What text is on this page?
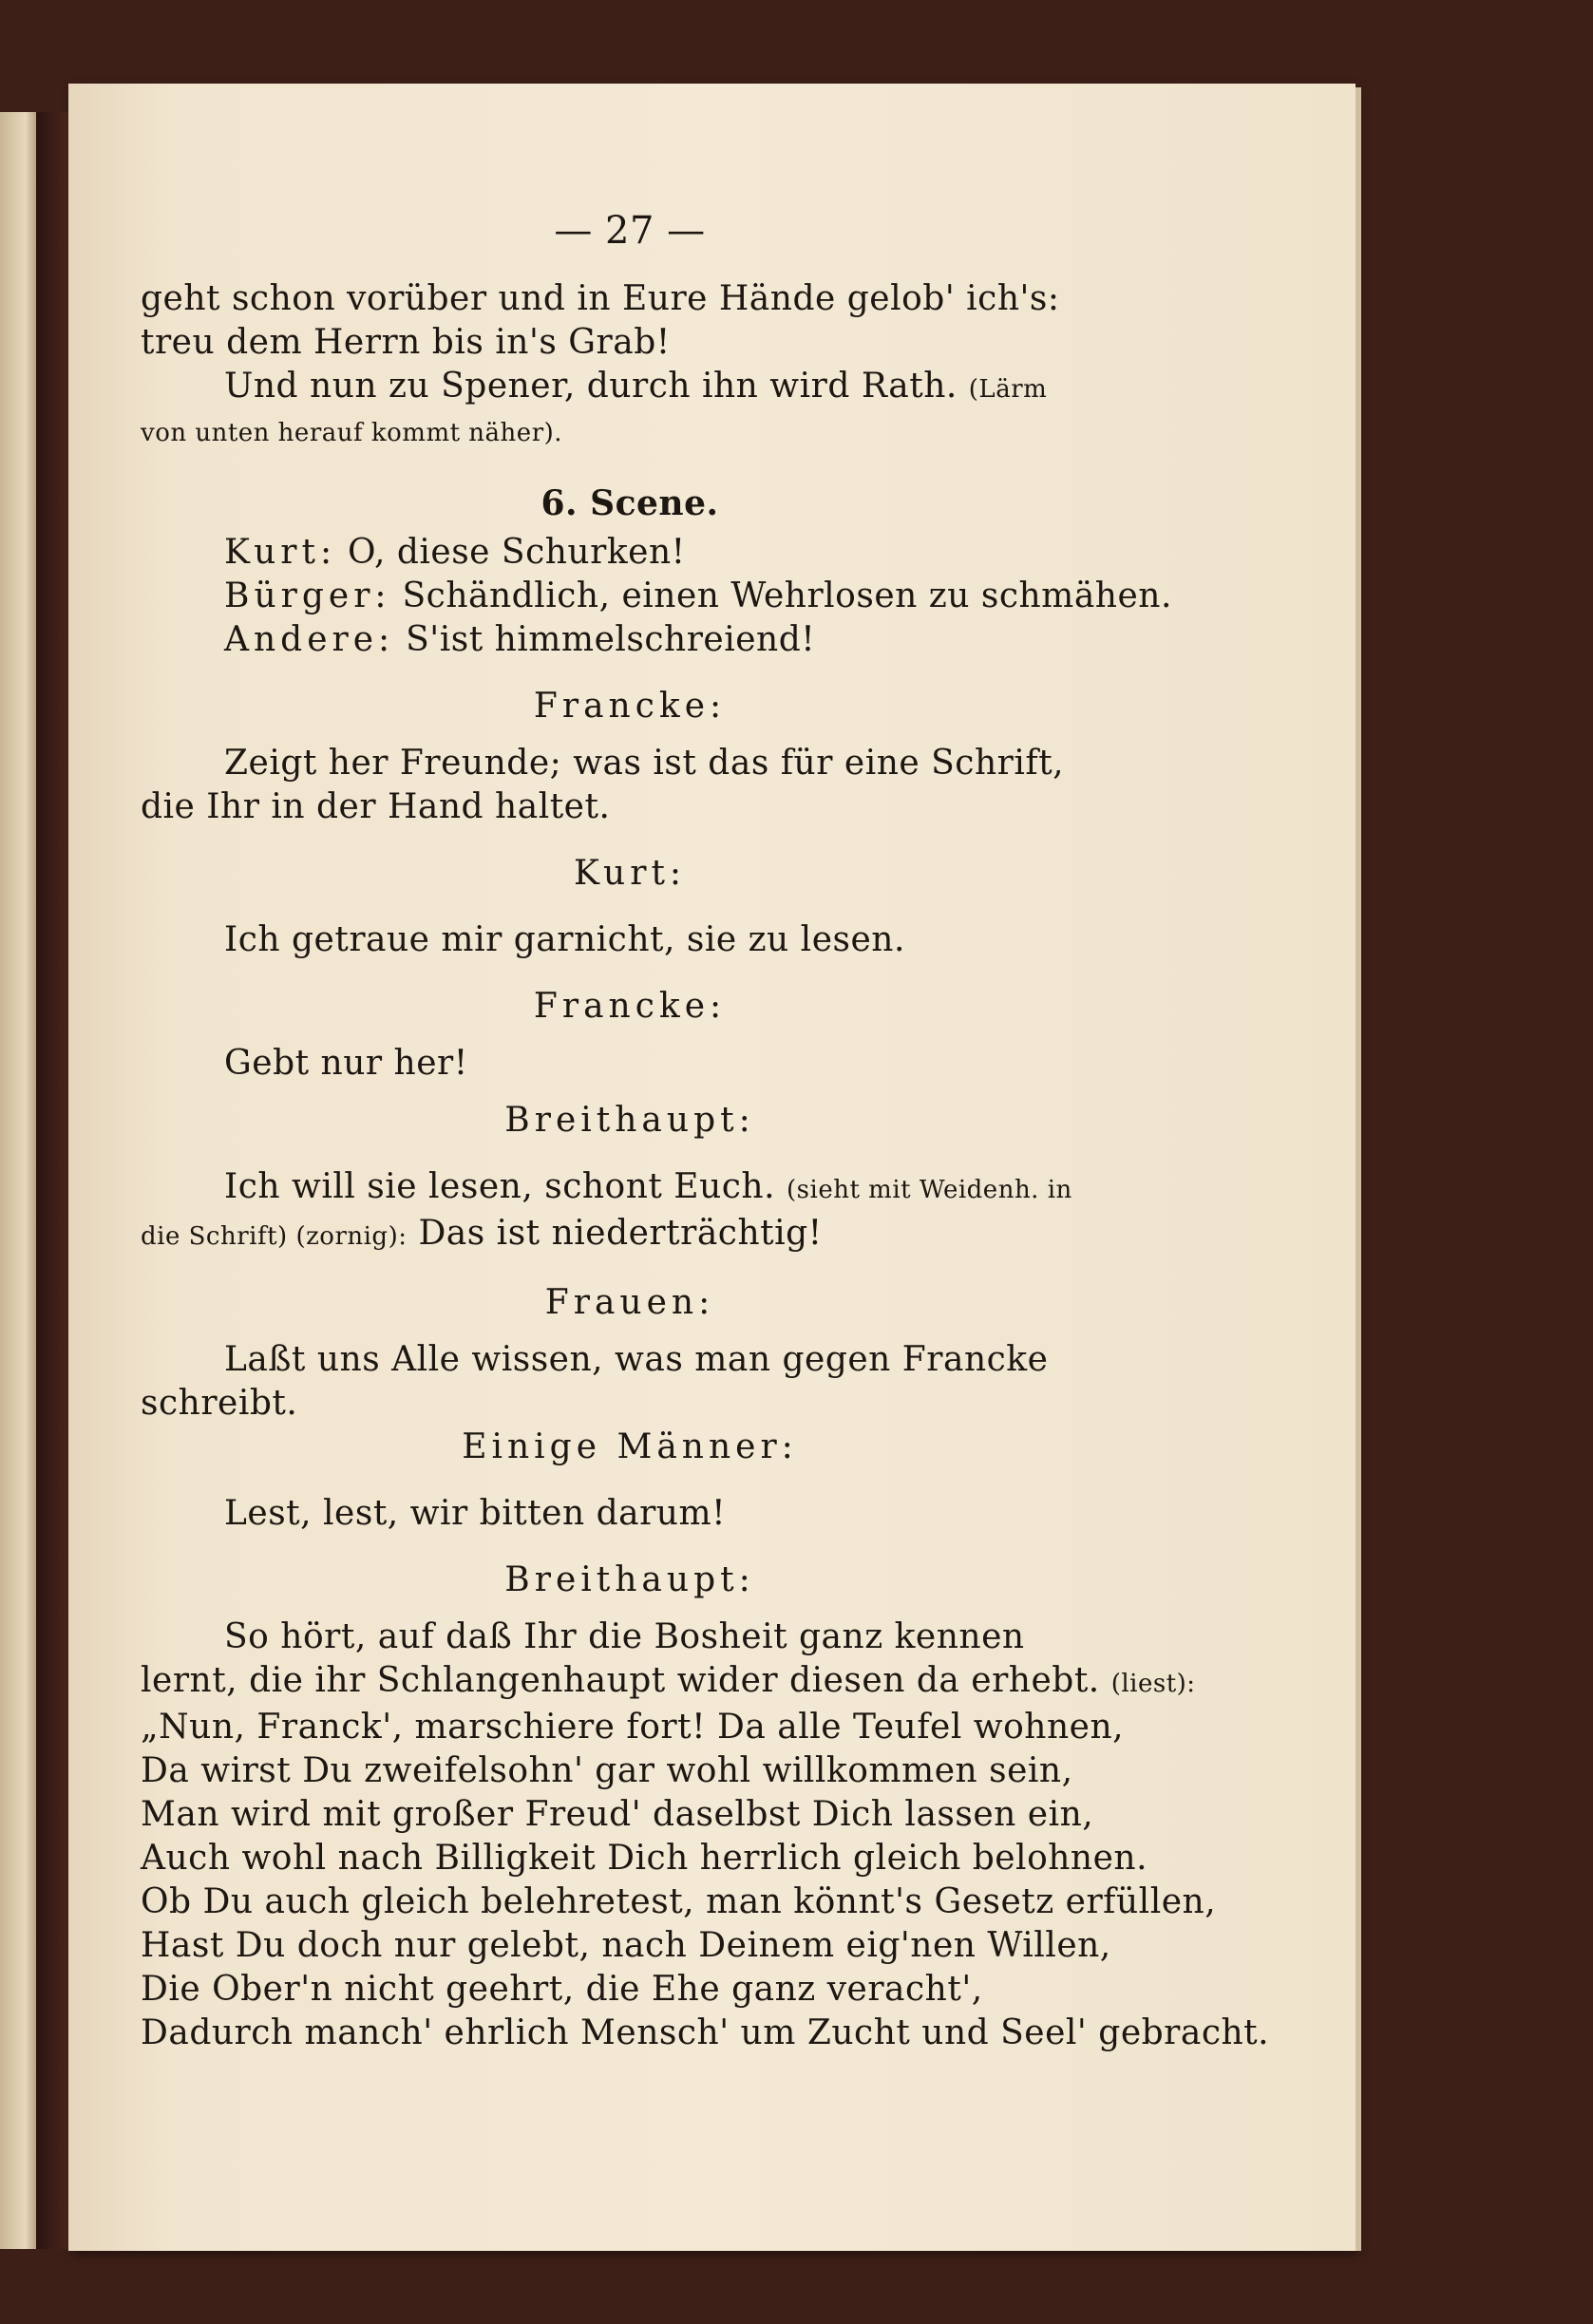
— 27 —
geht schon vorüber und in Eure Hände gelob' ich's:
treu dem Herrn bis in's Grab!
Und nun zu Spener, durch ihn wird Rath. (Lärm
von unten herauf kommt näher).
6. Scene.
Kurt: O, diese Schurken!
Bürger: Schändlich, einen Wehrlosen zu schmähen.
Andere: S'ist himmelschreiend!
Francke:
Zeigt her Freunde; was ist das für eine Schrift,
die Ihr in der Hand haltet.
Kurt:
Ich getraue mir garnicht, sie zu lesen.
Francke:
Gebt nur her!
Breithaupt:
Ich will sie lesen, schont Euch. (sieht mit Weidenh. in
die Schrift) (zornig): Das ist niederträchtig!
Frauen:
Laßt uns Alle wissen, was man gegen Francke
schreibt.
Einige Männer:
Lest, lest, wir bitten darum!
Breithaupt:
So hört, auf daß Ihr die Bosheit ganz kennen
lernt, die ihr Schlangenhaupt wider diesen da erhebt. (liest):
„Nun, Franck', marschiere fort! Da alle Teufel wohnen,
Da wirst Du zweifelsohn' gar wohl willkommen sein,
Man wird mit großer Freud' daselbst Dich lassen ein,
Auch wohl nach Billigkeit Dich herrlich gleich belohnen.
Ob Du auch gleich belehretest, man könnt's Gesetz erfüllen,
Hast Du doch nur gelebt, nach Deinem eig'nen Willen,
Die Ober'n nicht geehrt, die Ehe ganz veracht',
Dadurch manch' ehrlich Mensch' um Zucht und Seel' gebracht.
